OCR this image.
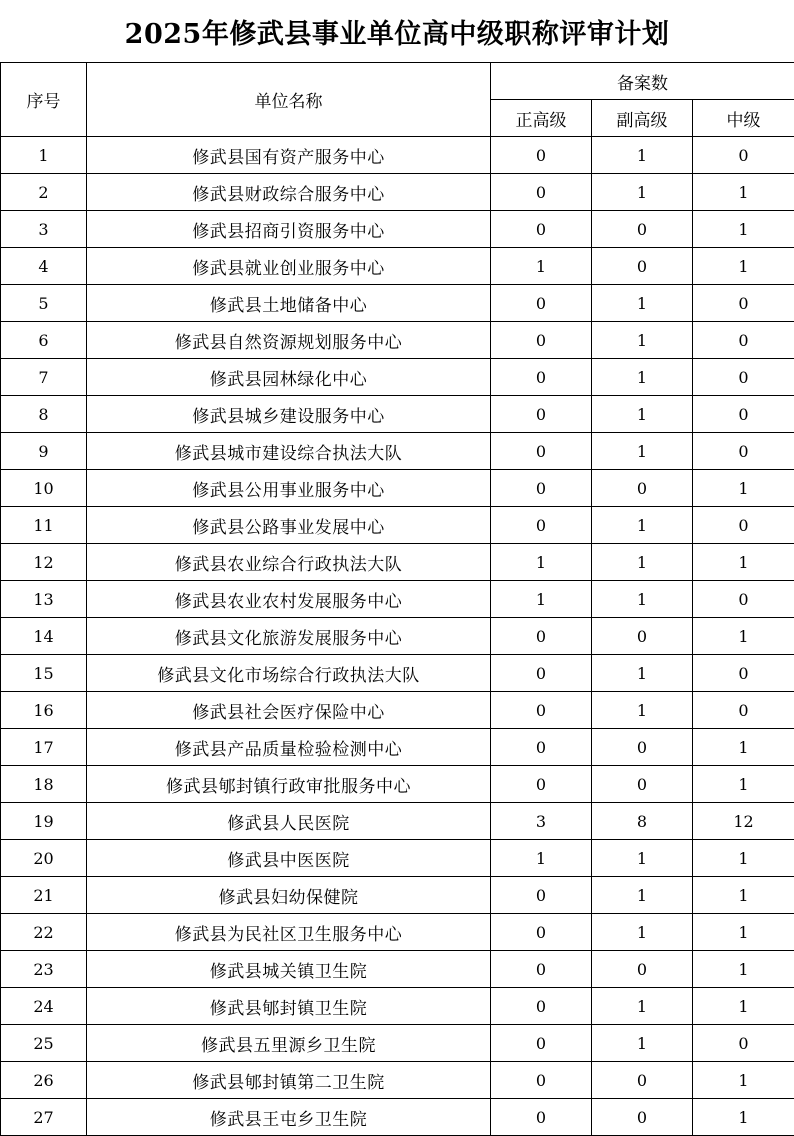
2025年修武县事业单位高中级职称评审计划
序号	单位名称	备案数		
		正高级	副高级	中级
1	修武县国有资产服务中心	0	1	0
2	修武县财政综合服务中心	0	1	1
3	修武县招商引资服务中心	0	0	1
4	修武县就业创业服务中心	1	0	1
5	修武县土地储备中心	0	1	0
6	修武县自然资源规划服务中心	0	1	0
7	修武县园林绿化中心	0	1	0
8	修武县城乡建设服务中心	0	1	0
9	修武县城市建设综合执法大队	0	1	0
10	修武县公用事业服务中心	0	0	1
11	修武县公路事业发展中心	0	1	0
12	修武县农业综合行政执法大队	1	1	1
13	修武县农业农村发展服务中心	1	1	0
14	修武县文化旅游发展服务中心	0	0	1
15	修武县文化市场综合行政执法大队	0	1	0
16	修武县社会医疗保险中心	0	1	0
17	修武县产品质量检验检测中心	0	0	1
18	修武县郇封镇行政审批服务中心	0	0	1
19	修武县人民医院	3	8	12
20	修武县中医医院	1	1	1
21	修武县妇幼保健院	0	1	1
22	修武县为民社区卫生服务中心	0	1	1
23	修武县城关镇卫生院	0	0	1
24	修武县郇封镇卫生院	0	1	1
25	修武县五里源乡卫生院	0	1	0
26	修武县郇封镇第二卫生院	0	0	1
27	修武县王屯乡卫生院	0	0	1
